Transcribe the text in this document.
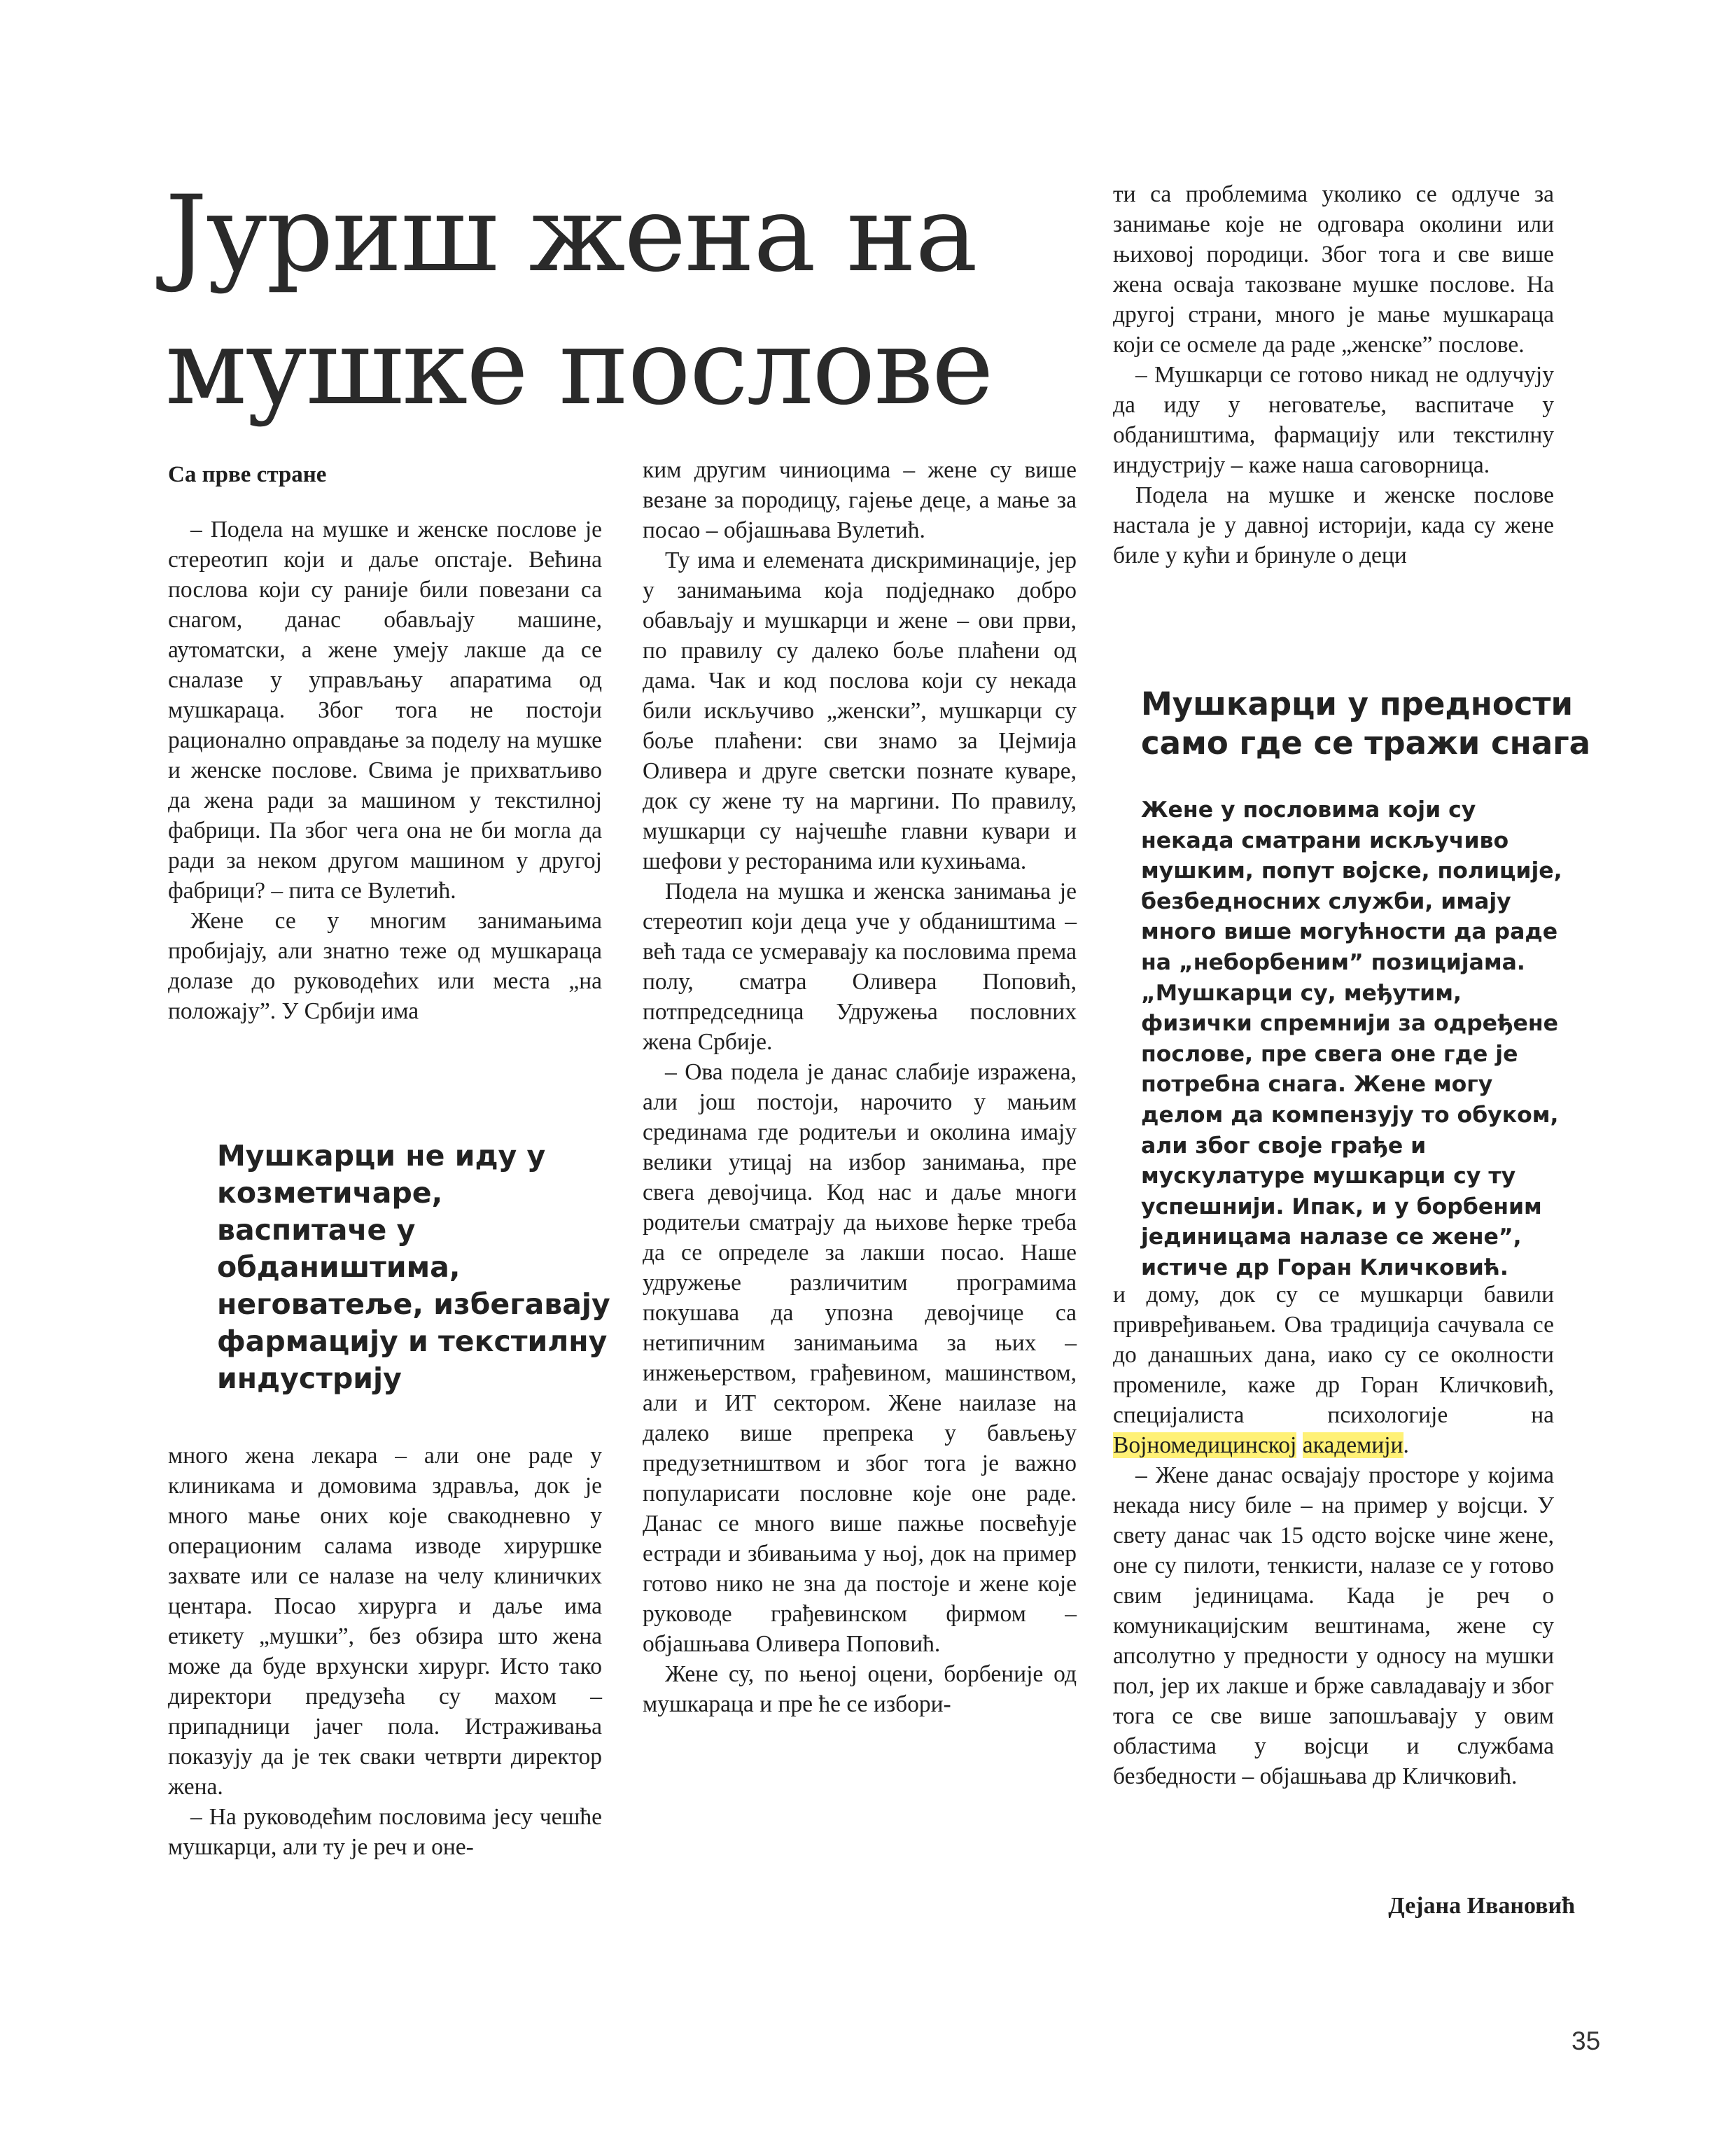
Јуриш жена на мушке послове
Са прве стране

– Подела на мушке и женске послове је стереотип који и даље опстаје. Већина послова који су раније били повезани са снагом, данас обављају машине, аутоматски, а жене умеју лакше да се сналазе у управљању апаратима од мушкараца. Због тога не постоји рационално оправдање за поделу на мушке и женске послове. Свима је прихватљиво да жена ради за машином у текстилној фабрици. Па због чега она не би могла да ради за неком другом машином у другој фабрици? – пита се Вулетић.

Жене се у многим занимањима пробијају, али знатно теже од мушкараца долазе до руководећих или места „на положају”. У Србији има

Мушкарци не иду у козметичаре, васпитаче у обдаништима, неговатеље, избегавају фармацију и текстилну индустрију

много жена лекара – али оне раде у клиникама и домовима здравља, док је много мање оних које свакодневно у операционим салама изводе хируршке захвате или се налазе на челу клиничких центара. Посао хирурга и даље има етикету „мушки”, без обзира што жена може да буде врхунски хирург. Исто тако директори предузећа су махом – припадници јачег пола. Истраживања показују да је тек сваки четврти директор жена.

– На руководећим пословима јесу чешће мушкарци, али ту је реч и оне-

ким другим чиниоцима – жене су више везане за породицу, гајење деце, а мање за посао – објашњава Вулетић.

Ту има и елемената дискриминације, јер у занимањима која подједнако добро обављају и мушкарци и жене – ови први, по правилу су далеко боље плаћени од дама. Чак и код послова који су некада били искључиво „женски”, мушкарци су боље плаћени: сви знамо за Џејмија Оливера и друге светски познате куваре, док су жене ту на маргини. По правилу, мушкарци су најчешће главни кувари и шефови у ресторанима или кухињама.

Подела на мушка и женска занимања је стереотип који деца уче у обдаништима – већ тада се усмеравају ка пословима према полу, сматра Оливера Поповић, потпредседница Удружења пословних жена Србије.

– Ова подела је данас слабије изражена, али још постоји, нарочито у мањим срединама где родитељи и околина имају велики утицај на избор занимања, пре свега девојчица. Код нас и даље многи родитељи сматрају да њихове ћерке треба да се определе за лакши посао. Наше удружење различитим програмима покушава да упозна девојчице са нетипичним занимањима за њих – инжењерством, грађевином, машинством, али и ИТ сектором. Жене наилазе на далеко више препрека у бављењу предузетништвом и због тога је важно популарисати пословне које оне раде. Данас се много више пажње посвећује естради и збивањима у њој, док на пример готово нико не зна да постоје и жене које руководе грађевинском фирмом – објашњава Оливера Поповић.

Жене су, по њеној оцени, борбеније од мушкараца и пре ће се избори-

ти са проблемима уколико се одлуче за занимање које не одговара околини или њиховој породици. Због тога и све више жена осваја такозване мушке послове. На другој страни, много је мање мушкараца који се осмеле да раде „женске” послове.

– Мушкарци се готово никад не одлучују да иду у неговатеље, васпитаче у обдаништима, фармацију или текстилну индустрију – каже наша саговорница.

Подела на мушке и женске послове настала је у давној историји, када су жене биле у кући и бринуле о деци

Мушкарци у предности само где се тражи снага
Жене у пословима који су некада сматрани искључиво мушким, попут војске, полиције, безбедносних служби, имају много више могућности да раде на „неборбеним” позицијама. „Мушкарци су, међутим, физички спремнији за одређене послове, пре свега оне где је потребна снага. Жене могу делом да компензују то обуком, али због своје грађе и мускулатуре мушкарци су ту успешнији. Ипак, и у борбеним јединицама налазе се жене”, истиче др Горан Кличковић.

и дому, док су се мушкарци бавили привређивањем. Ова традиција сачувала се до данашњих дана, иако су се околности промениле, каже др Горан Кличковић, специјалиста психологије на Војномедицинској академији.

– Жене данас освајају просторе у којима некада нису биле – на пример у војсци. У свету данас чак 15 одсто војске чине жене, оне су пилоти, тенкисти, налазе се у готово свим јединицама. Када је реч о комуникацијским вештинама, жене су апсолутно у предности у односу на мушки пол, јер их лакше и брже савладавају и због тога се све више запошљавају у овим областима у војсци и службама безбедности – објашњава др Кличковић.

Дејана Ивановић
35
